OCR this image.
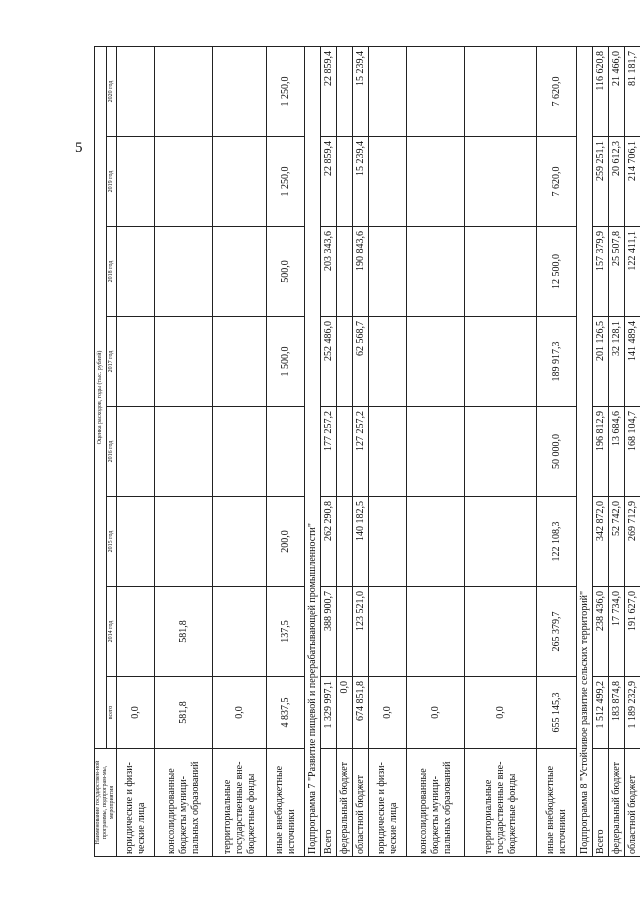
5
Наименование государствен-ной программы, подпрограм-мы, мероприятия	Оценка расходов, годы (тыс. рублей)							
	всего	2014 год	2015 год	2016 год	2017 год	2018 год	2019 год	2020 год
юридические и физи-ческие лица	0,0							
консолидированные бюджеты муници-пальных образований	581,8	581,8						
территориальные государственные вне-бюджетные фонды	0,0							
иные внебюджетные источники	4 837,5	137,5	200,0		1 500,0	500,0	1 250,0	1 250,0
Подпрограмма 7 "Развитие пищевой и перерабатывающей промышленности"								
Всего	1 329 997,1	388 900,7	262 290,8	177 257,2	252 486,0	203 343,6	22 859,4	22 859,4
федеральный бюджет	0,0							
областной бюджет	674 851,8	123 521,0	140 182,5	127 257,2	62 568,7	190 843,6	15 239,4	15 239,4
юридические и физи-ческие лица	0,0							
консолидированные бюджеты муници-пальных образований	0,0							
территориальные государственные вне-бюджетные фонды	0,0							
иные внебюджетные источники	655 145,3	265 379,7	122 108,3	50 000,0	189 917,3	12 500,0	7 620,0	7 620,0
Подпрограмма 8 "Устойчивое развитие сельских территорий"								
Всего	1 512 499,2	238 436,0	342 872,0	196 812,9	201 126,5	157 379,9	259 251,1	116 620,8
федеральный бюджет	183 874,8	17 734,0	52 742,0	13 684,6	32 128,1	25 507,8	20 612,3	21 466,0
областной бюджет	1 189 232,9	191 627,0	269 712,9	168 104,7	141 489,4	122 411,1	214 706,1	81 181,7
